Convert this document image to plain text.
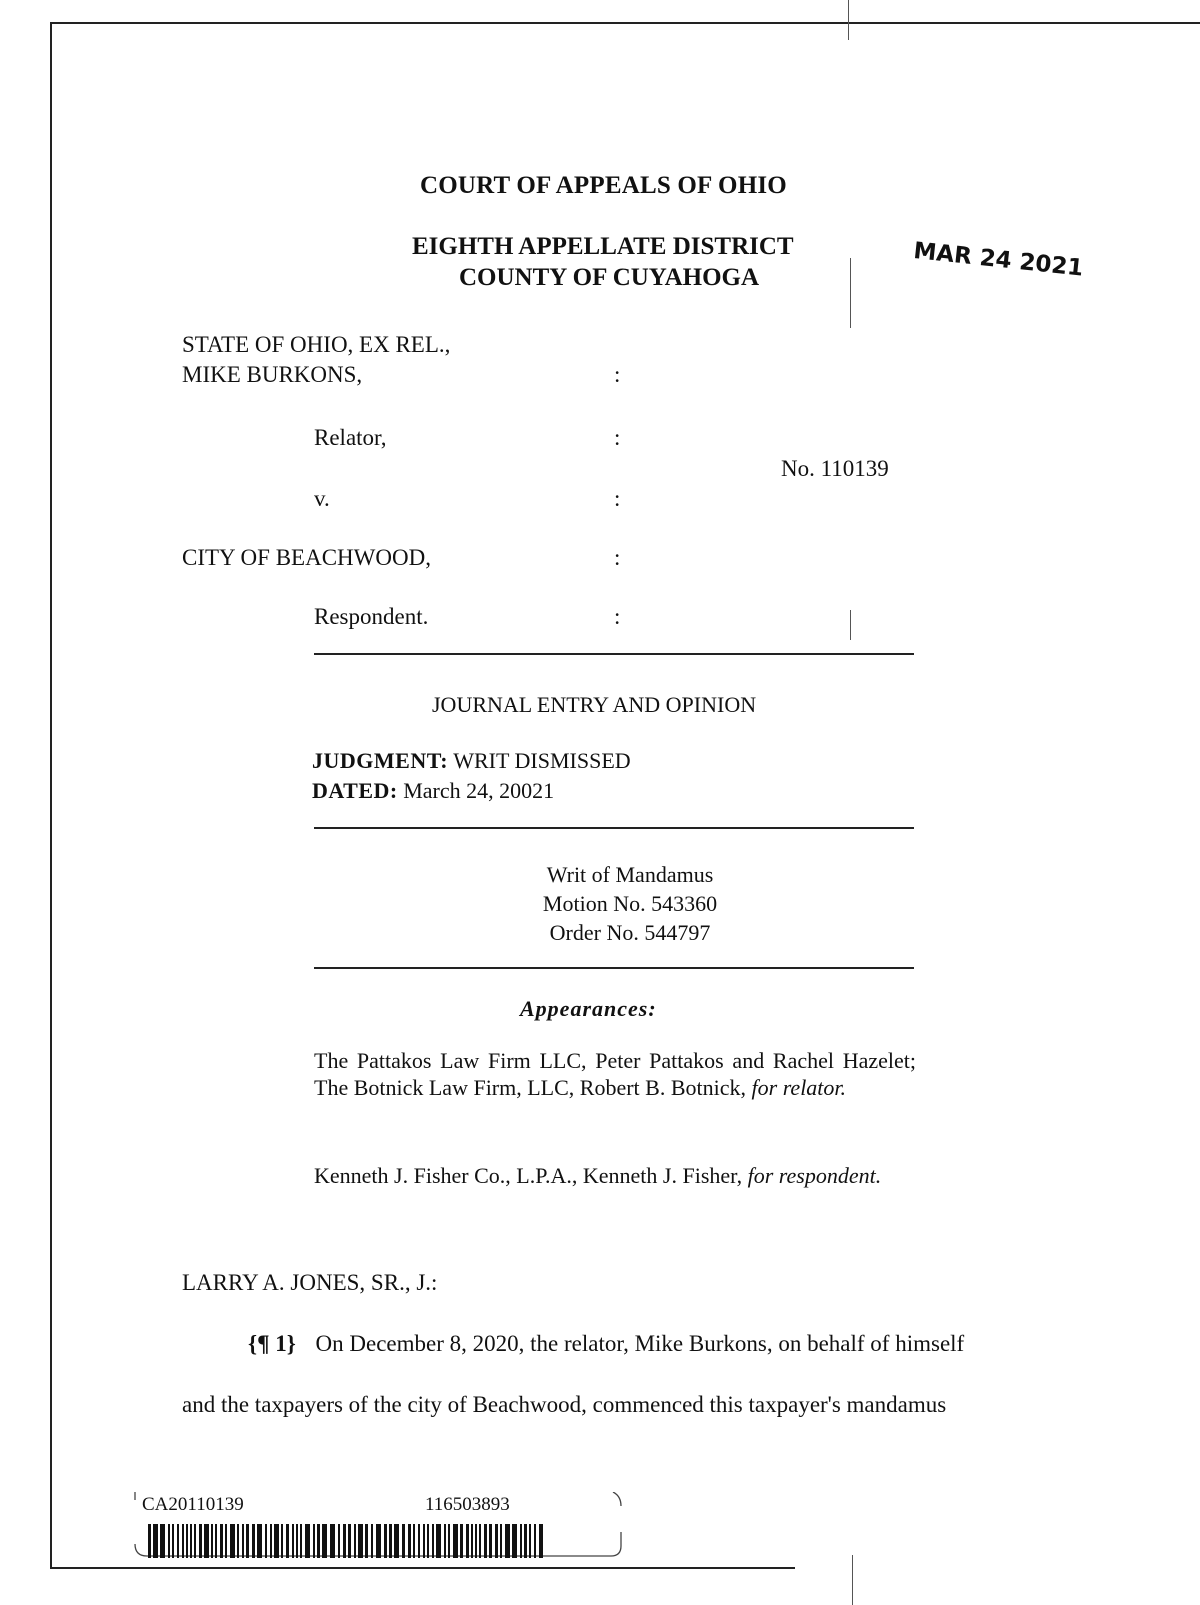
COURT OF APPEALS OF OHIO
EIGHTH APPELLATE DISTRICT
COUNTY OF CUYAHOGA	MAR 24 2021
STATE OF OHIO, EX REL.,
MIKE BURKONS,	:
Relator,	:
No. 110139
v.	:
CITY OF BEACHWOOD,	:
Respondent.	:
JOURNAL ENTRY AND OPINION
JUDGMENT: WRIT DISMISSED
DATED: March 24, 20021
Writ of Mandamus
Motion No. 543360
Order No. 544797
Appearances:
The Pattakos Law Firm LLC, Peter Pattakos and Rachel Hazelet; The Botnick Law Firm, LLC, Robert B. Botnick, for relator.
Kenneth J. Fisher Co., L.P.A., Kenneth J. Fisher, for respondent.
LARRY A. JONES, SR., J.:
{¶ 1} On December 8, 2020, the relator, Mike Burkons, on behalf of himself
and the taxpayers of the city of Beachwood, commenced this taxpayer's mandamus
CA20110139	116503893
